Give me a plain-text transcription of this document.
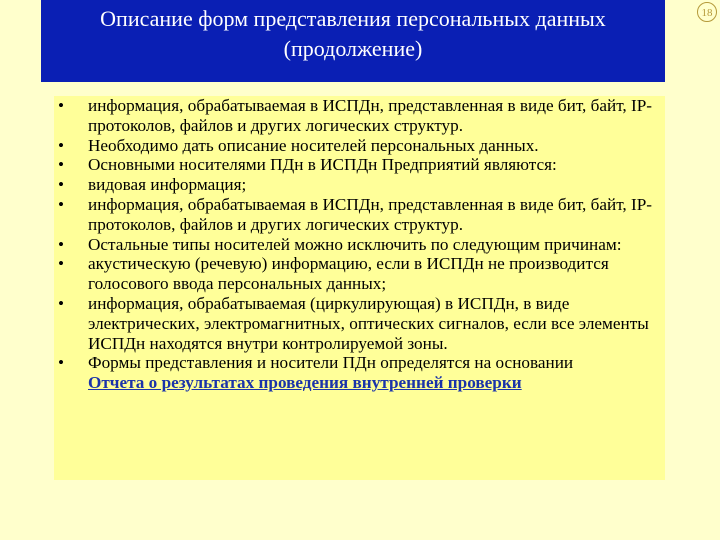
Описание форм представления персональных данных
(продолжение)
18
• информация, обрабатываемая в ИСПДн, представленная в виде бит, байт, IP-протоколов, файлов и других логических структур.
• Необходимо дать описание носителей персональных данных.
• Основными носителями ПДн в ИСПДн Предприятий являются:
• видовая информация;
• информация, обрабатываемая в ИСПДн, представленная в виде бит, байт, IP-протоколов, файлов и других логических структур.
• Остальные типы носителей можно исключить по следующим причинам:
• акустическую (речевую) информацию, если в ИСПДн не производится голосового ввода персональных данных;
• информация, обрабатываемая (циркулирующая) в ИСПДн, в виде электрических, электромагнитных, оптических сигналов, если все элементы ИСПДн находятся внутри контролируемой зоны.
• Формы представления и носители ПДн определятся на основании
Отчета о результатах проведения внутренней проверки
